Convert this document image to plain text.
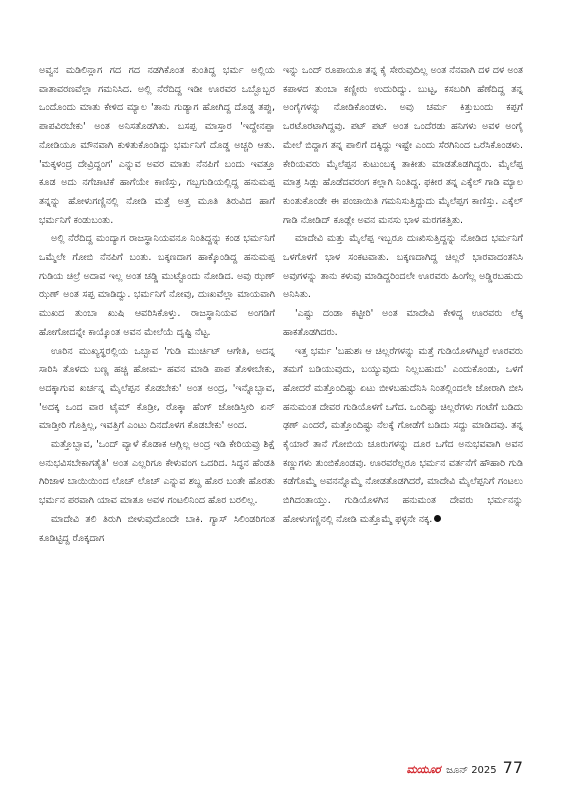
ಅವ್ವನ ಮಡಿಲಿನ್ಲಾಗ ಗದ ಗದ ನಡಗಿಕೊಂತ ಕುಂತಿದ್ದ ಭರ್ಮ ಅಲ್ಲಿಯ ವಾತಾವರಣವೆಲ್ಲಾ ಗಮನಿಸಿದ. ಅಲ್ಲಿ ನೆರೆದಿದ್ದ ಇಡೀ ಊರವರ ಒಬ್ಬೊಬ್ಬರ ಒಂದೊಂದು ಮಾತು ಕೇಳಿದ ಮ್ಯಾಲ 'ತಾನು ಗುಡ್ಯಾಗ ಹೋಗಿದ್ದ ದೊಡ್ಡ ತಪ್ಪು, ಪಾಪವಿರಬೇಕು' ಅಂತ ಅನಿಸತೊಡಗಿತು. ಬಸಪ್ಪ ಮಾಸ್ತಾರ 'ಇದ್ದೇನಪ್ಪಾ ನೋಡಿಯೂ ಮೌನವಾಗಿ ಕುಳಿತುಕೊಂಡಿದ್ದು ಭರ್ಮನಿಗೆ ದೊಡ್ಡ ಅಚ್ಚರಿ ಆತು. 'ಮಕ್ಕಳಂದ್ರ ದೇವ್ರಿದ್ದಂಗ' ಎನ್ನುವ ಅವರ ಮಾತು ನೆನಪಿಗೆ ಬಂದು ಇವತ್ತೂ ಕೂಡ ಅದು ನಗೆಚಾಟಿಕೆ ಹಾಗೆಯೇ ಕಾಣಿಸ್ತು, ಗಬ್ಬಗುಡಿಯಲ್ಲಿದ್ದ ಹನುಮಪ್ಪ ತನ್ನನ್ನು ಹೋಳುಗಣ್ಣಿನಲ್ಲಿ ನೋಡಿ ಮತ್ತೆ ಅತ್ತ ಮೂತಿ ತಿರುವಿದ ಹಾಗೆ ಭರ್ಮನಿಗೆ ಕಂಡುಬಂತು.

ಅಲ್ಲಿ ನೆರೆದಿದ್ದ ಮಂದ್ಯಾಗ ರಾಜಸ್ಥಾನಿಯವನೂ ನಿಂತಿದ್ದನ್ನು ಕಂಡ ಭರ್ಮನಿಗೆ ಒಮ್ಮೆಲೇ ಗೋಬಿ ನೆನಪಿಗೆ ಬಂತು. ಬಕ್ಕಣದಾಗ ಹಾಕ್ಕೊಂಡಿದ್ದ ಹನುಮಪ್ಪ ಗುಡಿಯ ಚಿಲ್ರೆ ಅದಾವ ಇಲ್ಲ ಅಂತ ಚಡ್ಡಿ ಮುಟ್ಟೊಂದು ನೋಡಿದ. ಅವು ಝಣ್ ಝಣ್ ಅಂತ ಸಪ್ಪ ಮಾಡಿದ್ವು. ಭರ್ಮನಿಗೆ ನೋವು, ದುಃಖವೆಲ್ಲಾ ಮಾಯವಾಗಿ ಮುಖದ ತುಂಬಾ ಖುಷಿ ಆವರಿಸಿಕೊಳ್ತು. ರಾಜಸ್ಥಾನಿಯವ ಅಂಗಡಿಗೆ ಹೋಗೋದನ್ನೇ ಕಾಯ್ಕೊಂತ ಅವನ ಮೇಲೆಯೆ ದೃಷ್ಟಿ ನೆಟ್ಟ.

ಊರಿನ ಮುಖ್ಯಸ್ಥರಲ್ಲಿಯ ಒಬ್ಬಾವ 'ಗುಡಿ ಮುರ್ಚಿಟ್ ಆಗೇತಿ, ಅದನ್ನ ಸಾರಿಸಿ ತೊಳದು ಬಣ್ಣ ಹಚ್ಚಿ ಹೋಮ- ಹವನ ಮಾಡಿ ಪಾಪ ತೊಳೀಬೇಕು, ಅದಕ್ಕಾಗುವ ಖರ್ಚನ್ನ ಮೈಲೆಪ್ಪನ ಕೊಡಬೇಕು' ಅಂತ ಅಂದ್ರ, 'ಇನ್ನೊಬ್ಬಾವ, 'ಅದಕ್ಕ ಒಂದ ವಾರ ಟೈಮ್ ಕೊಡ್ರೀ, ರೊಕ್ಕಾ ಹೆಂಗ್ ಜೋಡಿಸ್ತೀರಿ ಏನ್ ಮಾಡ್ತೀರಿ ಗೊತ್ತಿಲ್ಲ, ಇವತ್ತಿಗೆ ಎಂಟು ದಿನದೊಳಗ ಕೊಡಬೇಕು' ಅಂದ.

ಮತ್ತೊಬ್ಬಾವ, 'ಒಂದ್ ವ್ಯಾಳೆ ಕೊಡಾಕ ಆಗ್ಲಿಲ್ಲ ಅಂದ್ರ ಇಡಿ ಕೇರಿಯವ್ರು ಶಿಕ್ಷೆ ಅನುಭವಿಸಬೇಕಾಗತೈತಿ' ಅಂತ ಎಲ್ಲರಿಗೂ ಕೇಳುವಂಗ ಒದರಿದ. ಸಿದ್ಧನ ಹೆಂಡತಿ ಗಿರಿಜಾಳ ಬಾಯಿಯಿಂದ ಲೊಚ್ ಲೊಚ್ ಎನ್ನುವ ಶಬ್ದ ಹೊರ ಬಂತೇ ಹೊರತು ಭರ್ಮನ ಪರವಾಗಿ ಯಾವ ಮಾತೂ ಅವಳ ಗಂಟಲಿನಿಂದ ಹೊರ ಬರಲಿಲ್ಲ.

ಮಾದೇವಿ ತಲಿ ತಿರುಗಿ ಬೀಳುವುದೊಂದೇ ಬಾಕಿ. ಗ್ಯಾಸ್ ಸಿಲಿಂಡರಿಗಂತ ಕೂಡಿಟ್ಟಿದ್ದ ರೊಕ್ಕದಾಗ

ಇನ್ನು ಒಂದ್ ರೂಪಾಯೂ ತನ್ನ ಕೈ ಸೇರುವುದಿಲ್ಲ ಅಂತ ನೆನವಾಗಿ ದಳ ದಳ ಅಂತ ಕಪಾಳದ ತುಂಬಾ ಕಣ್ಣೀರು ಉದುರಿದ್ವು. ಬುಟ್ಟ, ಕಸಬರಿಗಿ ಹೆಣೆದಿದ್ದ ತನ್ನ ಅಂಗೈಗಳನ್ನು ನೋಡಿಕೊಂಡಳು. ಅವು ಚರ್ಮ ಕಿತ್ತುಬಂದು ಕಪ್ಪಗೆ ಒರಟೊರಟಾಗಿದ್ದವು. ಪಟ್ ಪಟ್ ಅಂತ ಒಂದೆರಡು ಹನಿಗಳು ಅವಳ ಅಂಗೈ ಮೇಲೆ ಬಿದ್ದಾಗ ತನ್ನ ಪಾಲಿಗೆ ದಕ್ಕಿದ್ದು ಇಷ್ಟೇ ಎಂದು ಸೆರಗಿನಿಂದ ಒರೆಸಿಕೊಂಡಳು. ಕೇರಿಯವರು ಮೈಲೆಪ್ಪನ ಕುಟುಂಬಕ್ಕ ತಾಕೀತು ಮಾಡತೊಡಗಿದ್ದರು. ಮೈಲೆಪ್ಪ ಮಾತ್ರ ಸಿಡ್ಲು ಹೊಡೆದವರಂಗ ಕಲ್ಲಾಗಿ ನಿಂತಿದ್ದ. ಫಕೀರ ತನ್ನ ಎಕ್ಕೆಲ್ ಗಾಡಿ ಮ್ಯಾಲ ಕುಂತುಕೊಂಡೇ ಈ ಪಂಚಾಯಿತಿ ಗಮನಿಸುತ್ತಿದ್ದುದು ಮೈಲೆಪ್ಪಗ ಕಾಣಿಸ್ತು. ಎಕ್ಕೆಲ್ ಗಾಡಿ ನೋಡಿದ್ ಕೂಡ್ಲೇ ಅವನ ಮನಸು ಭಾಳ ಮರಗಕತ್ತಿತು.

ಮಾದೇವಿ ಮತ್ತು ಮೈಲೆಪ್ಪ ಇಬ್ಬರೂ ದುಃಖಿಸುತ್ತಿದ್ದನ್ನು ನೋಡಿದ ಭರ್ಮನಿಗೆ ಒಳಗೊಳಗೆ ಭಾಳ ಸಂಕಟವಾತು. ಬಕ್ಕಣದಾಗಿದ್ದ ಚಿಲ್ಲರೆ ಭಾರವಾದಂತನಿಸಿ ಅವುಗಳನ್ನು ತಾನು ಕಳುವು ಮಾಡಿದ್ದರಿಂದಲೇ ಊರವರು ಹಿಂಗೆಲ್ಲ ಅಡ್ಡಿರಬಹುದು ಅನಿಸಿತು.

'ಎಷ್ಟು ದಂಡಾ ಕಟ್ಟೀರಿ' ಅಂತ ಮಾದೇವಿ ಕೇಳಿದ್ದ ಊರವರು ಲೆಕ್ಕ ಹಾಕತೊಡಗಿದರು.

ಇತ್ತ ಭರ್ಮ 'ಬಹುಶಃ ಆ ಚಿಲ್ಲರೆಗಳನ್ನು ಮತ್ತೆ ಗುಡಿಯೊಳಗಿಟ್ಟರೆ ಊರವರು ತಮಗೆ ಬಡಿಯುವುದು, ಬಯ್ಯುವುದು ನಿಲ್ಲಬಹುದು' ಎಂದುಕೊಂಡು, ಒಳಗೆ ಹೋದರೆ ಮತ್ತೊಂದಿಷ್ಟು ಏಟು ಬೀಳಬಹುದೆನಿಸಿ ನಿಂತಲ್ಲಿಂದಲೇ ಜೋರಾಗಿ ಬೀಸಿ ಹನುಮಂತ ದೇವರ ಗುಡಿಯೊಳಗೆ ಒಗೆದ. ಒಂದಿಷ್ಟು ಚಿಲ್ಲರೆಗಳು ಗಂಟೆಗೆ ಬಡಿದು ಢಣ್ ಎಂದರೆ, ಮತ್ತೊಂದಿಷ್ಟು ನೆಲಕ್ಕೆ ಗೋಡೆಗೆ ಬಡಿದು ಸದ್ದು ಮಾಡಿದವು. ತನ್ನ ಕೈಯಾರೆ ತಾನೆ ಗೋಬಿಯ ಚೂರುಗಳನ್ನು ದೂರ ಒಗೆದ ಅನುಭವವಾಗಿ ಅವನ ಕಣ್ಣುಗಳು ತುಂಬಿಕೊಂಡವು. ಊರವರೆಲ್ಲರೂ ಭರ್ಮನ ವರ್ತನೆಗೆ ಹೌಹಾರಿ ಗುಡಿ ಕಡೆಗೊಮ್ಮೆ ಅವನನ್ನೊಮ್ಮೆ ನೋಡತೊಡಗಿದರೆ, ಮಾದೇವಿ ಮೈಲೆಪ್ಪನಿಗೆ ಗಂಟಲು ಬಿಗಿದಂತಾಯ್ತು. ಗುಡಿಯೊಳಗಿನ ಹನುಮಂತ ದೇವರು ಭರ್ಮನನ್ನು ಹೋಳುಗಣ್ಣಿನಲ್ಲಿ ನೋಡಿ ಮತ್ತೊಮ್ಮೆ ಫಳ್ಳನೇ ನಕ್ಕ.

ಮಯೂರ ಜೂನ್ 2025 77
